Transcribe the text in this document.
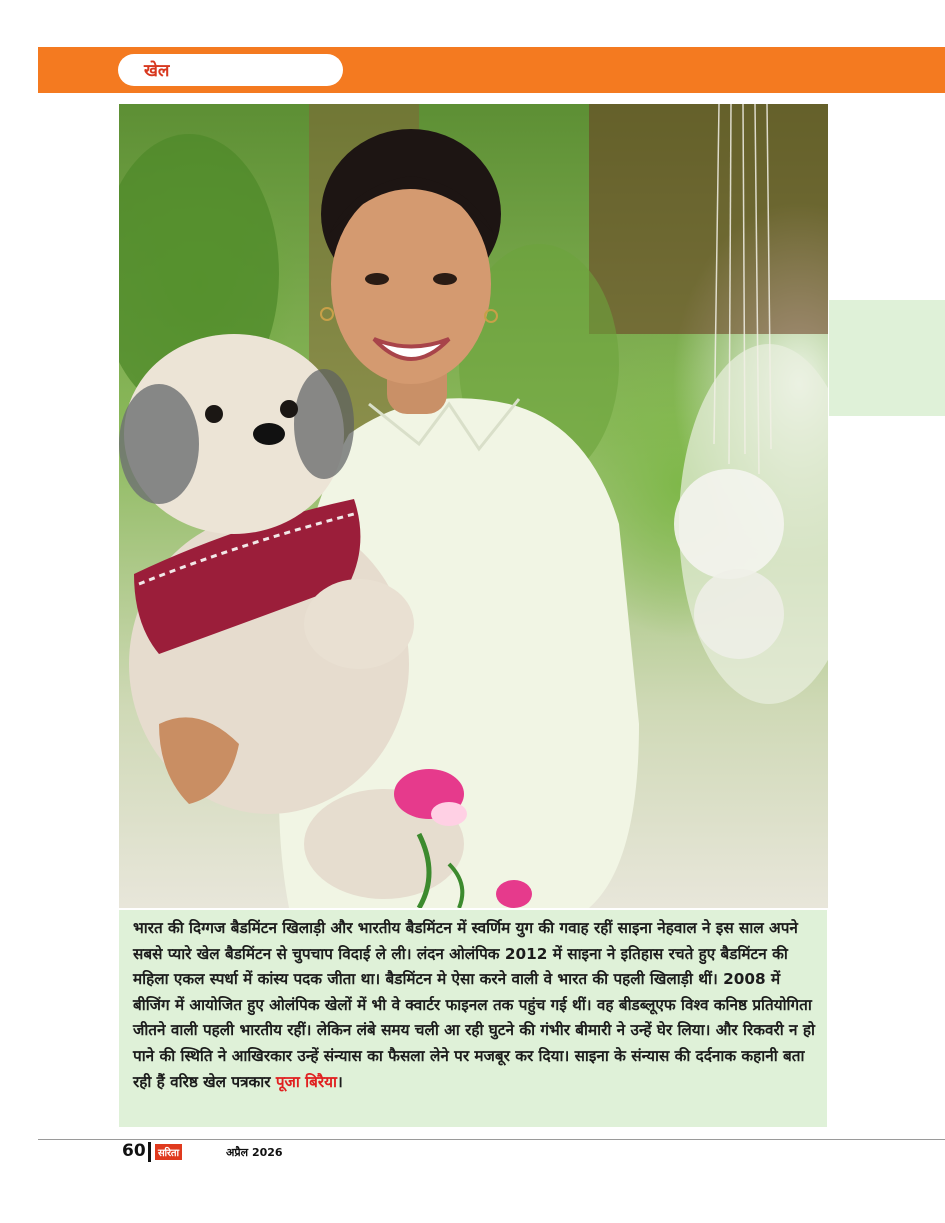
खेल

भारत की दिग्गज बैडमिंटन खिलाड़ी और भारतीय बैडमिंटन में स्वर्णिम युग की गवाह रहीं साइना नेहवाल ने इस साल अपने सबसे प्यारे खेल बैडमिंटन से चुपचाप विदाई ले ली। लंदन ओलंपिक 2012 में साइना ने इतिहास रचते हुए बैडमिंटन की महिला एकल स्पर्धा में कांस्य पदक जीता था। बैडमिंटन मे ऐसा करने वाली वे भारत की पहली खिलाड़ी थीं। 2008 में बीजिंग में आयोजित हुए ओलंपिक खेलों में भी वे क्वार्टर फाइनल तक पहुंच गई थीं। वह बीडब्लूएफ विश्व कनिष्ठ प्रतियोगिता जीतने वाली पहली भारतीय रहीं। लेकिन लंबे समय चली आ रही घुटने की गंभीर बीमारी ने उन्हें घेर लिया। और रिकवरी न हो पाने की स्थिति ने आखिरकार उन्हें संन्यास का फैसला लेने पर मजबूर कर दिया। साइना के संन्यास की दर्दनाक कहानी बता रही हैं वरिष्ठ खेल पत्रकार पूजा बिरैया।

60	सरिता	अप्रैल 2026
